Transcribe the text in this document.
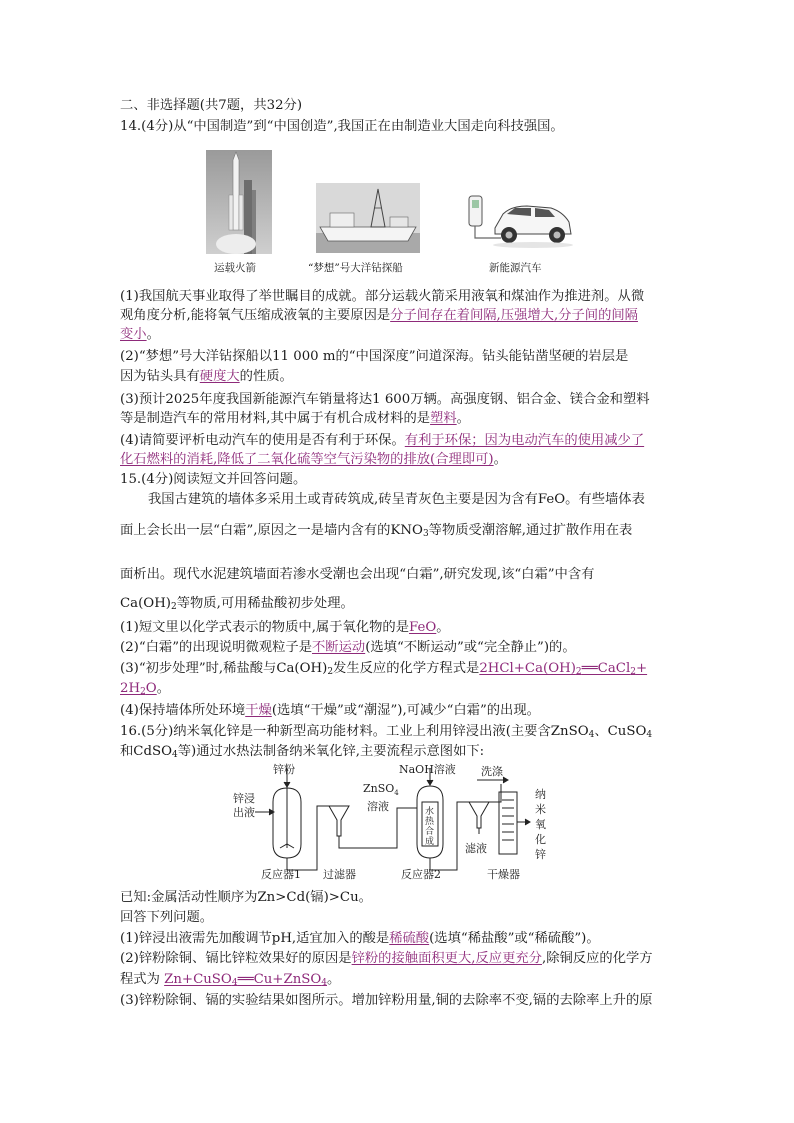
二、非选择题(共7题，共32分)
14.(4分)从“中国制造”到“中国创造”,我国正在由制造业大国走向科技强国。
运载火箭	“梦想”号大洋钻探船	新能源汽车
(1)我国航天事业取得了举世瞩目的成就。部分运载火箭采用液氧和煤油作为推进剂。从微
观角度分析,能将氧气压缩成液氧的主要原因是分子间存在着间隔,压强增大,分子间的间隔
变小。
(2)“梦想”号大洋钻探船以11 000 m的“中国深度”问道深海。钻头能钻凿坚硬的岩层是
因为钻头具有硬度大的性质。
(3)预计2025年度我国新能源汽车销量将达1 600万辆。高强度钢、铝合金、镁合金和塑料
等是制造汽车的常用材料,其中属于有机合成材料的是塑料。
(4)请简要评析电动汽车的使用是否有利于环保。有利于环保；因为电动汽车的使用减少了
化石燃料的消耗,降低了二氧化硫等空气污染物的排放(合理即可)。
15.(4分)阅读短文并回答问题。
我国古建筑的墙体多采用土或青砖筑成,砖呈青灰色主要是因为含有FeO。有些墙体表
面上会长出一层“白霜”,原因之一是墙内含有的$KNO_3$等物质受潮溶解,通过扩散作用在表
面析出。现代水泥建筑墙面若渗水受潮也会出现“白霜”,研究发现,该“白霜”中含有
$Ca(OH)_2$等物质,可用稀盐酸初步处理。
(1)短文里以化学式表示的物质中,属于氧化物的是FeO。
(2)“白霜”的出现说明微观粒子是不断运动(选填“不断运动”或“完全静止”)的。
(3)“初步处理”时,稀盐酸与$Ca(OH)_2$发生反应的化学方程式是$2HCl+Ca(OH)_2══CaCl_2+$
$2H_2O$。
(4)保持墙体所处环境干燥(选填“干燥”或“潮湿”),可减少“白霜”的出现。
16.(5分)纳米氧化锌是一种新型高功能材料。工业上利用锌浸出液(主要含ZnSO$_4$、CuSO$_4$
和CdSO$_4$等)通过水热法制备纳米氧化锌,主要流程示意图如下:
锌粉
锌浸
出液
ZnSO$_4$
溶液
NaOH溶液
水
热
合
成
洗涤
滤液
纳
米
氧
化
锌
反应器1 过滤器	反应器2	干燥器
已知:金属活动性顺序为Zn>Cd(镉)>Cu。
回答下列问题。
(1)锌浸出液需先加酸调节pH,适宜加入的酸是稀硫酸(选填“稀盐酸”或“稀硫酸”)。
(2)锌粉除铜、镉比锌粒效果好的原因是锌粉的接触面积更大,反应更充分,除铜反应的化学方
程式为 Zn+CuSO$_4$══Cu+ZnSO$_4$。
(3)锌粉除铜、镉的实验结果如图所示。增加锌粉用量,铜的去除率不变,镉的去除率上升的原
